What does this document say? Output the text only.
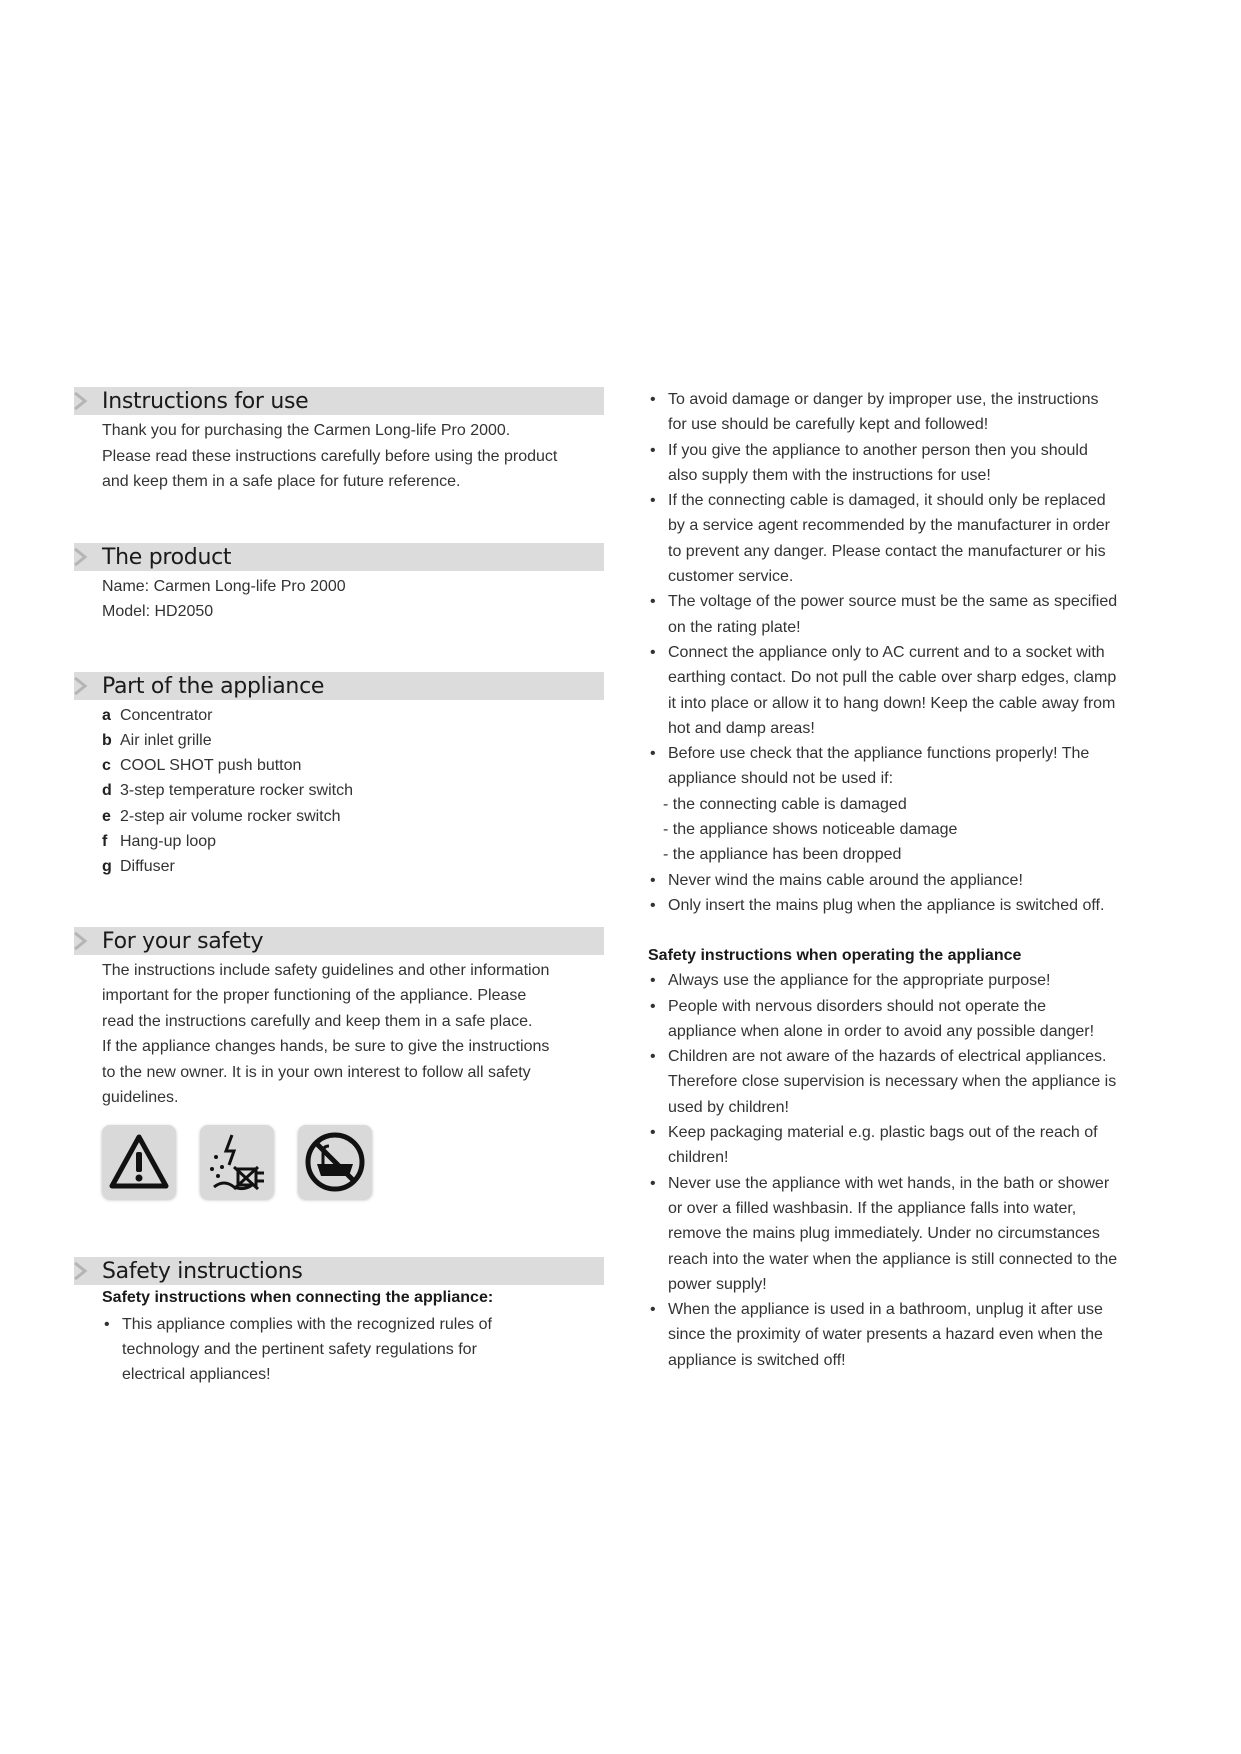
Instructions for use

Thank you for purchasing the Carmen Long-life Pro 2000.

Please read these instructions carefully before using the product

and keep them in a safe place for future reference.

The product

Name: Carmen Long-life Pro 2000

Model: HD2050

Part of the appliance
a Concentrator
b Air inlet grille
c COOL SHOT push button
d 3-step temperature rocker switch
e 2-step air volume rocker switch
f Hang-up loop
g Diffuser
For your safety

The instructions include safety guidelines and other information

important for the proper functioning of the appliance. Please

read the instructions carefully and keep them in a safe place.

If the appliance changes hands, be sure to give the instructions

to the new owner. It is in your own interest to follow all safety

guidelines.

Safety instructions
Safety instructions when connecting the appliance:
• This appliance complies with the recognized rules of technology and the pertinent safety regulations for electrical appliances!
• To avoid damage or danger by improper use, the instructions for use should be carefully kept and followed!
• If you give the appliance to another person then you should also supply them with the instructions for use!
• If the connecting cable is damaged, it should only be replaced by a service agent recommended by the manufacturer in order to prevent any danger. Please contact the manufacturer or his customer service.
• The voltage of the power source must be the same as specified on the rating plate!
• Connect the appliance only to AC current and to a socket with earthing contact. Do not pull the cable over sharp edges, clamp it into place or allow it to hang down! Keep the cable away from hot and damp areas!
• Before use check that the appliance functions properly! The appliance should not be used if:
- the connecting cable is damaged
- the appliance shows noticeable damage
- the appliance has been dropped
• Never wind the mains cable around the appliance!
• Only insert the mains plug when the appliance is switched off.
Safety instructions when operating the appliance
• Always use the appliance for the appropriate purpose!
• People with nervous disorders should not operate the appliance when alone in order to avoid any possible danger!
• Children are not aware of the hazards of electrical appliances. Therefore close supervision is necessary when the appliance is used by children!
• Keep packaging material e.g. plastic bags out of the reach of children!
• Never use the appliance with wet hands, in the bath or shower or over a filled washbasin. If the appliance falls into water, remove the mains plug immediately. Under no circumstances reach into the water when the appliance is still connected to the power supply!
• When the appliance is used in a bathroom, unplug it after use since the proximity of water presents a hazard even when the appliance is switched off!
